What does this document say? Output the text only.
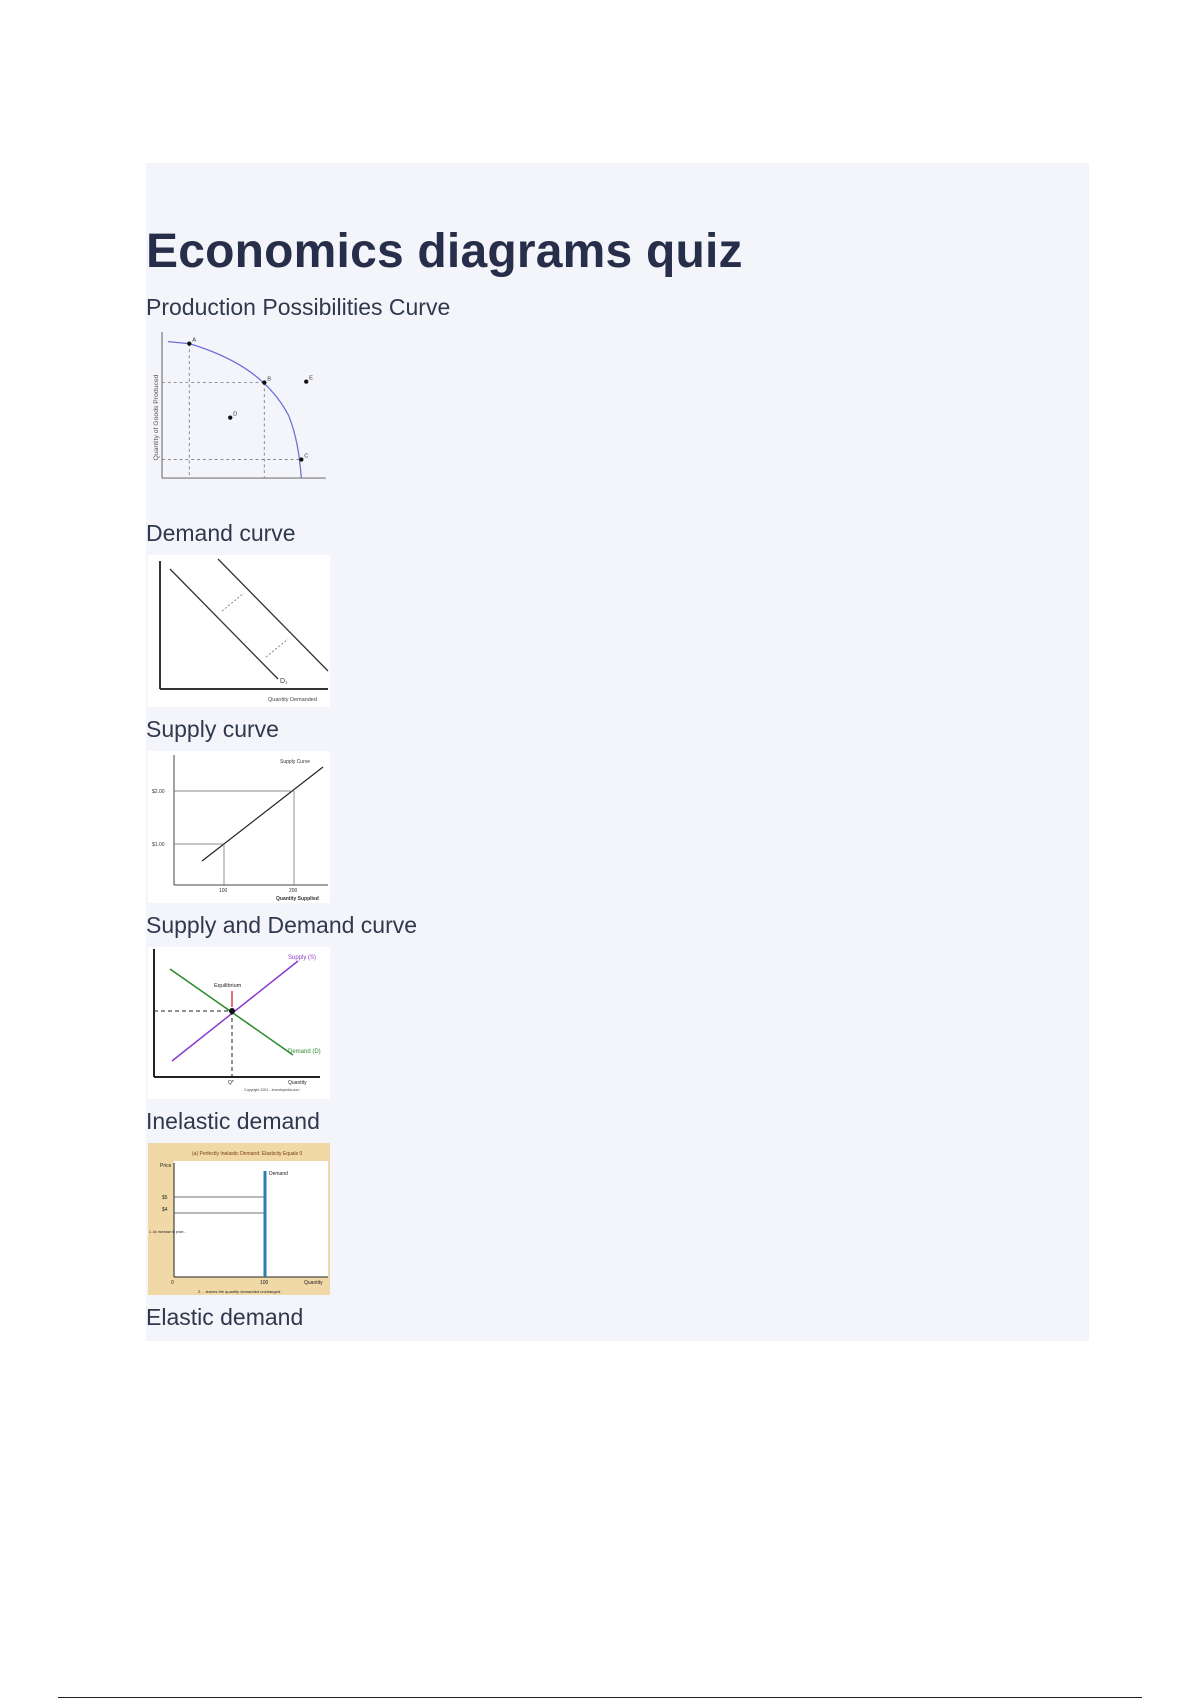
Economics diagrams quiz

Production Possibilities Curve

Quantity of Goods Produced
A
B
C
D
E

Demand curve

D₁
Quantity Demanded

Supply curve

Supply Curve
$2.00
$1.00
100	200
Quantity Supplied

Supply and Demand curve

Equilibrium
Supply (S)
Demand (D)
Q*	Quantity
Copyright 2001 - investopedia.com

Inelastic demand

(a) Perfectly Inelastic Demand: Elasticity Equals 0
Price
Demand
$5
$4
0	100	Quantity
1. An increase in price...
2. ...leaves the quantity demanded unchanged.

Elastic demand
